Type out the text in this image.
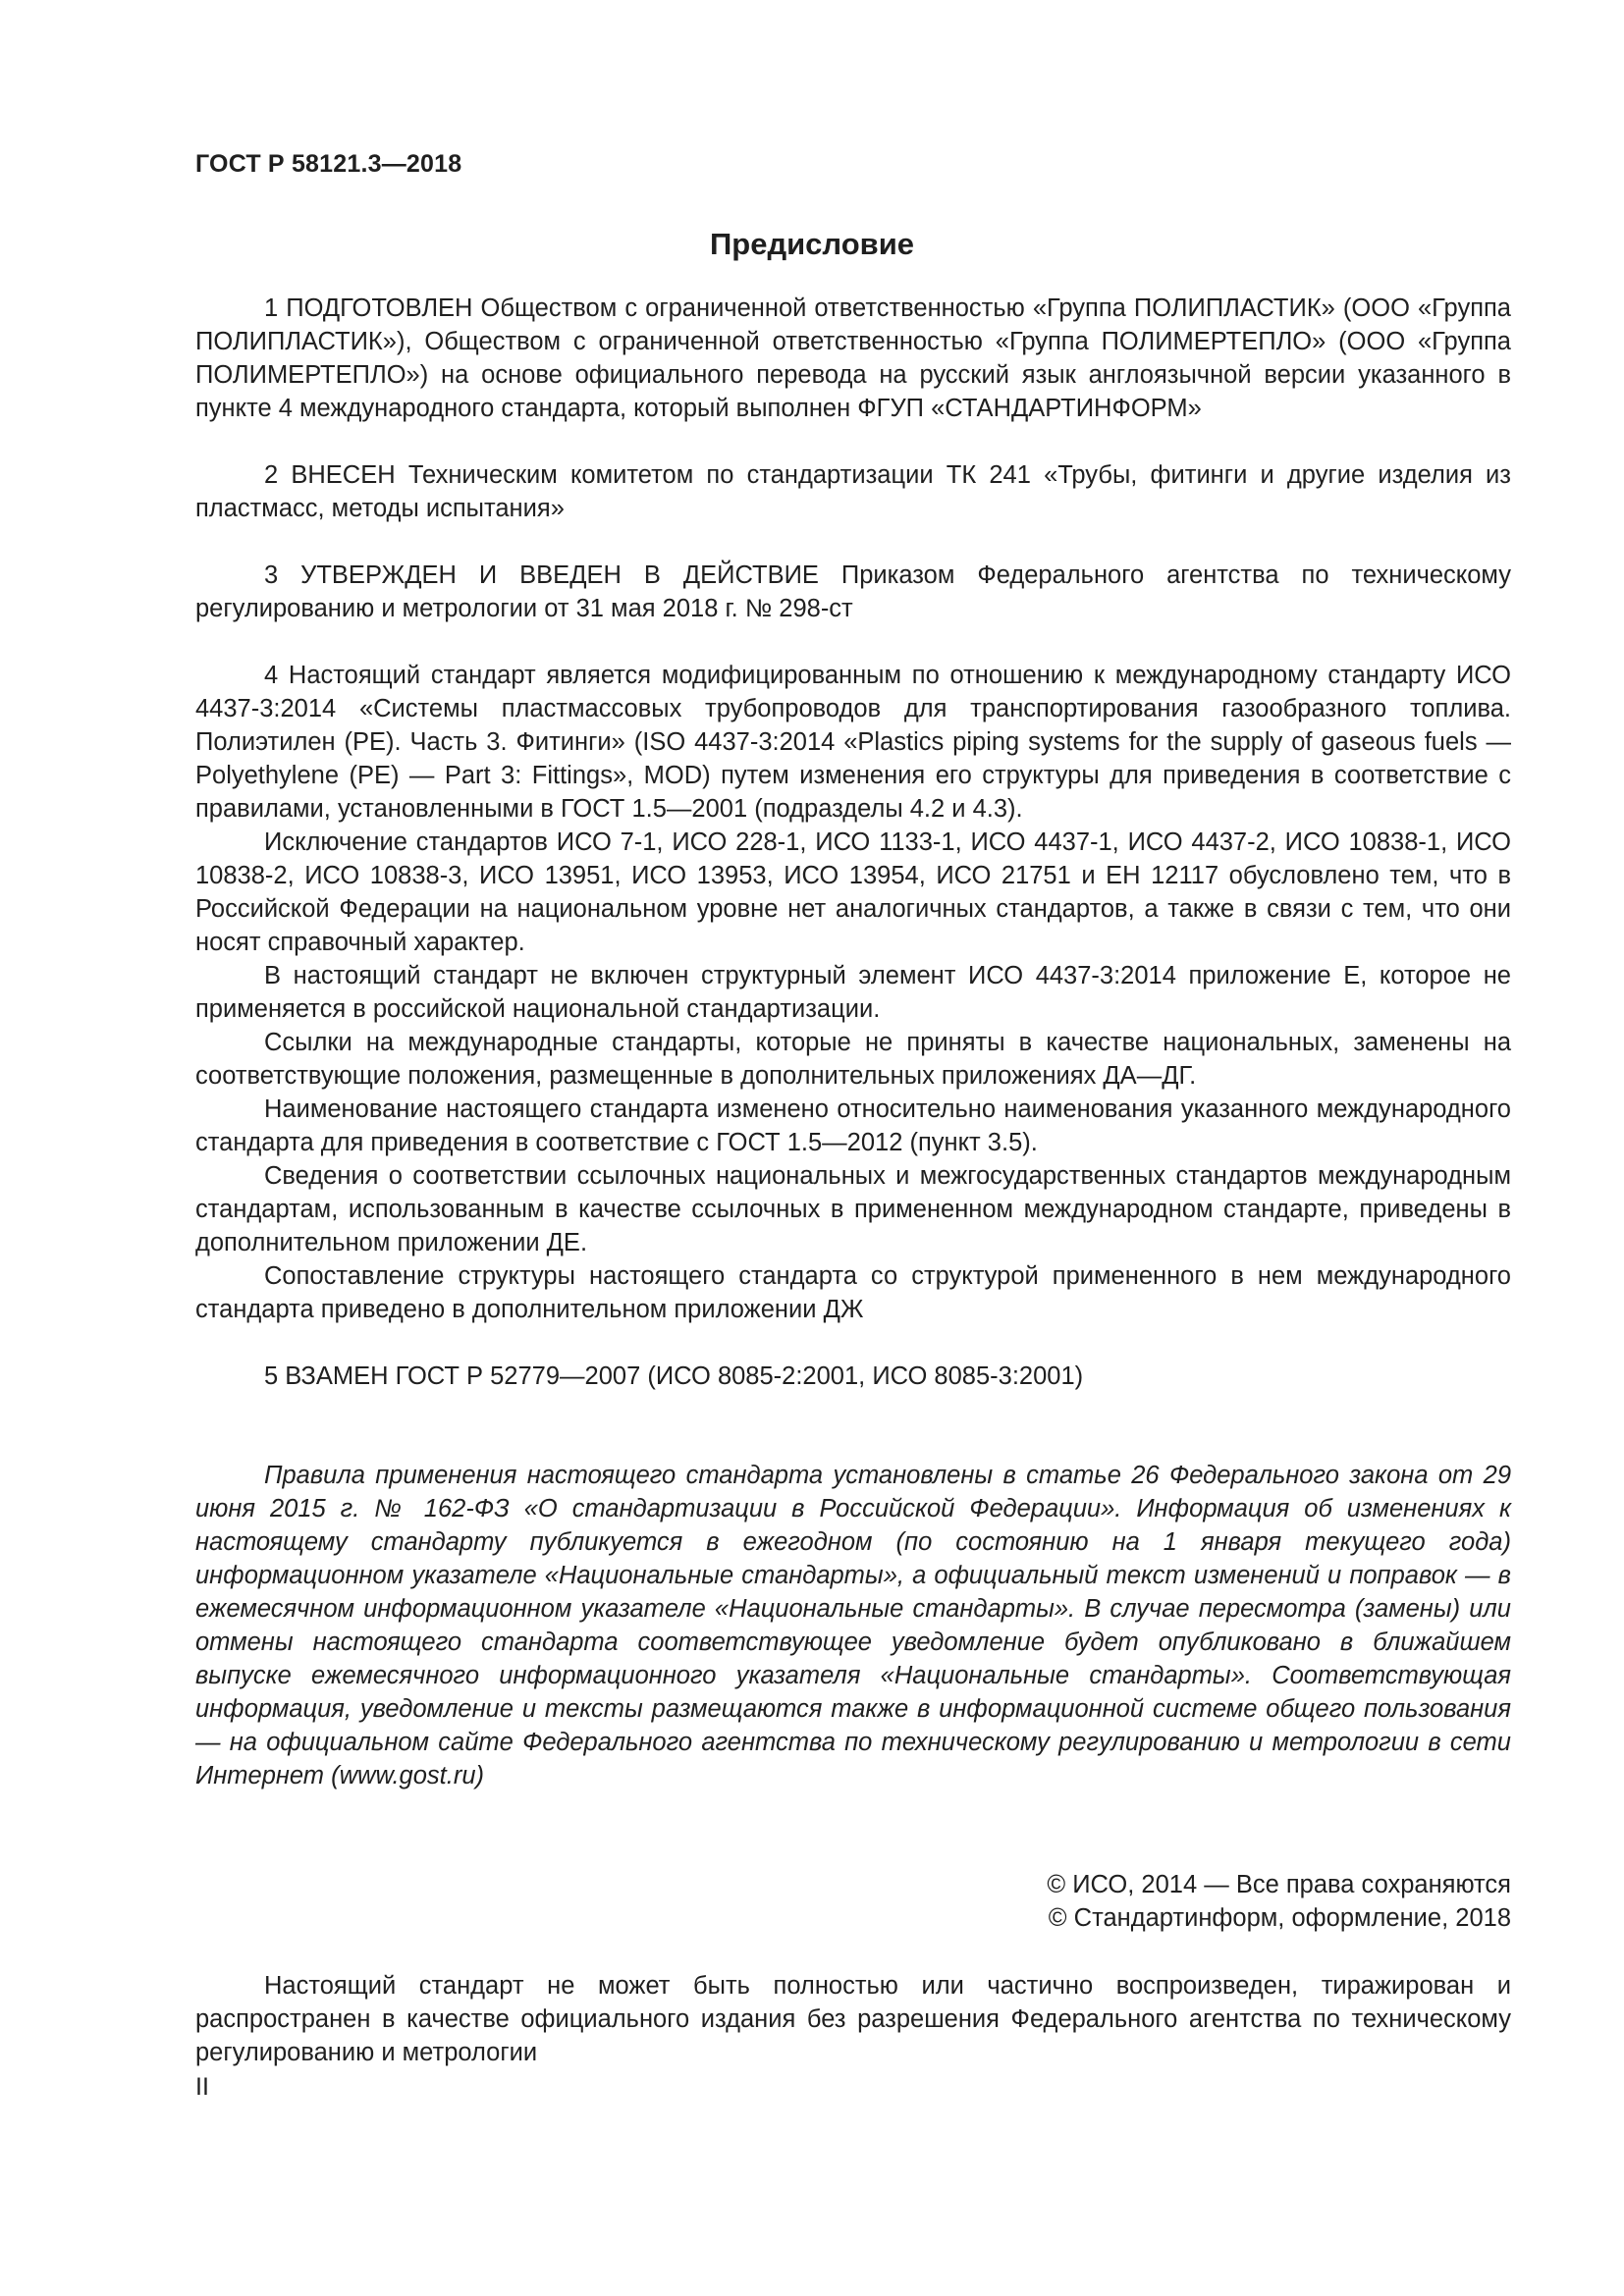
ГОСТ Р 58121.3—2018
Предисловие

1 ПОДГОТОВЛЕН Обществом с ограниченной ответственностью «Группа ПОЛИПЛАСТИК» (ООО «Группа ПОЛИПЛАСТИК»), Обществом с ограниченной ответственностью «Группа ПОЛИМЕРТЕПЛО» (ООО «Группа ПОЛИМЕРТЕПЛО») на основе официального перевода на русский язык англоязычной версии указанного в пункте 4 международного стандарта, который выполнен ФГУП «СТАНДАРТИНФОРМ»

2 ВНЕСЕН Техническим комитетом по стандартизации ТК 241 «Трубы, фитинги и другие изделия из пластмасс, методы испытания»

3 УТВЕРЖДЕН И ВВЕДЕН В ДЕЙСТВИЕ Приказом Федерального агентства по техническому регулированию и метрологии от 31 мая 2018 г. № 298-ст

4 Настоящий стандарт является модифицированным по отношению к международному стандарту ИСО 4437-3:2014 «Системы пластмассовых трубопроводов для транспортирования газообразного топлива. Полиэтилен (PE). Часть 3. Фитинги» (ISO 4437-3:2014 «Plastics piping systems for the supply of gaseous fuels — Polyethylene (PE) — Part 3: Fittings», MOD) путем изменения его структуры для приведения в соответствие с правилами, установленными в ГОСТ 1.5—2001 (подразделы 4.2 и 4.3).

Исключение стандартов ИСО 7-1, ИСО 228-1, ИСО 1133-1, ИСО 4437-1, ИСО 4437-2, ИСО 10838-1, ИСО 10838-2, ИСО 10838-3, ИСО 13951, ИСО 13953, ИСО 13954, ИСО 21751 и ЕН 12117 обусловлено тем, что в Российской Федерации на национальном уровне нет аналогичных стандартов, а также в связи с тем, что они носят справочный характер.

В настоящий стандарт не включен структурный элемент ИСО 4437-3:2014 приложение E, которое не применяется в российской национальной стандартизации.

Ссылки на международные стандарты, которые не приняты в качестве национальных, заменены на соответствующие положения, размещенные в дополнительных приложениях ДА—ДГ.

Наименование настоящего стандарта изменено относительно наименования указанного международного стандарта для приведения в соответствие с ГОСТ 1.5—2012 (пункт 3.5).

Сведения о соответствии ссылочных национальных и межгосударственных стандартов международным стандартам, использованным в качестве ссылочных в примененном международном стандарте, приведены в дополнительном приложении ДЕ.

Сопоставление структуры настоящего стандарта со структурой примененного в нем международного стандарта приведено в дополнительном приложении ДЖ

5 ВЗАМЕН ГОСТ Р 52779—2007 (ИСО 8085-2:2001, ИСО 8085-3:2001)

Правила применения настоящего стандарта установлены в статье 26 Федерального закона от 29 июня 2015 г. № 162-ФЗ «О стандартизации в Российской Федерации». Информация об изменениях к настоящему стандарту публикуется в ежегодном (по состоянию на 1 января текущего года) информационном указателе «Национальные стандарты», а официальный текст изменений и поправок — в ежемесячном информационном указателе «Национальные стандарты». В случае пересмотра (замены) или отмены настоящего стандарта соответствующее уведомление будет опубликовано в ближайшем выпуске ежемесячного информационного указателя «Национальные стандарты». Соответствующая информация, уведомление и тексты размещаются также в информационной системе общего пользования — на официальном сайте Федерального агентства по техническому регулированию и метрологии в сети Интернет (www.gost.ru)
© ИСО, 2014 — Все права сохраняются
© Стандартинформ, оформление, 2018
Настоящий стандарт не может быть полностью или частично воспроизведен, тиражирован и распространен в качестве официального издания без разрешения Федерального агентства по техническому регулированию и метрологии
II
